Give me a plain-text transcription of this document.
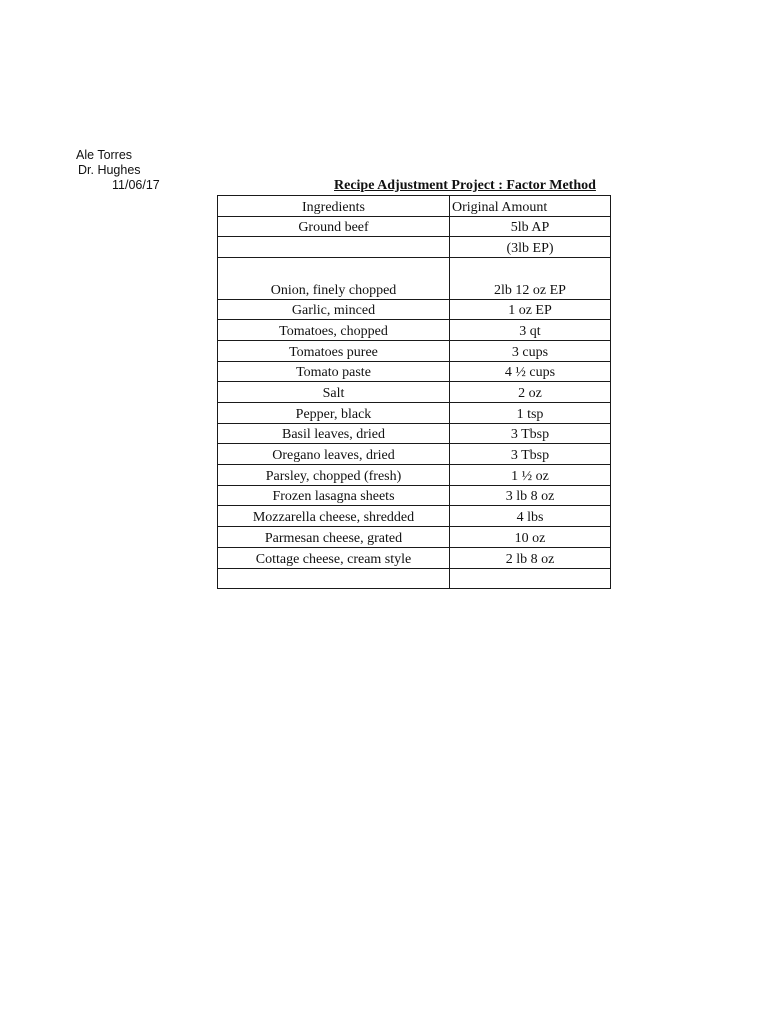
Ale Torres
Dr. Hughes
11/06/17	Recipe Adjustment Project : Factor Method
Ingredients	Original Amount
Ground beef	5lb AP
	(3lb EP)
Onion, finely chopped	2lb 12 oz EP
Garlic, minced	1 oz EP
Tomatoes, chopped	3 qt
Tomatoes puree	3 cups
Tomato paste	4 ½ cups
Salt	2 oz
Pepper, black	1 tsp
Basil leaves, dried	3 Tbsp
Oregano leaves, dried	3 Tbsp
Parsley, chopped (fresh)	1 ½ oz
Frozen lasagna sheets	3 lb 8 oz
Mozzarella cheese, shredded	4 lbs
Parmesan cheese, grated	10 oz
Cottage cheese, cream style	2 lb 8 oz
